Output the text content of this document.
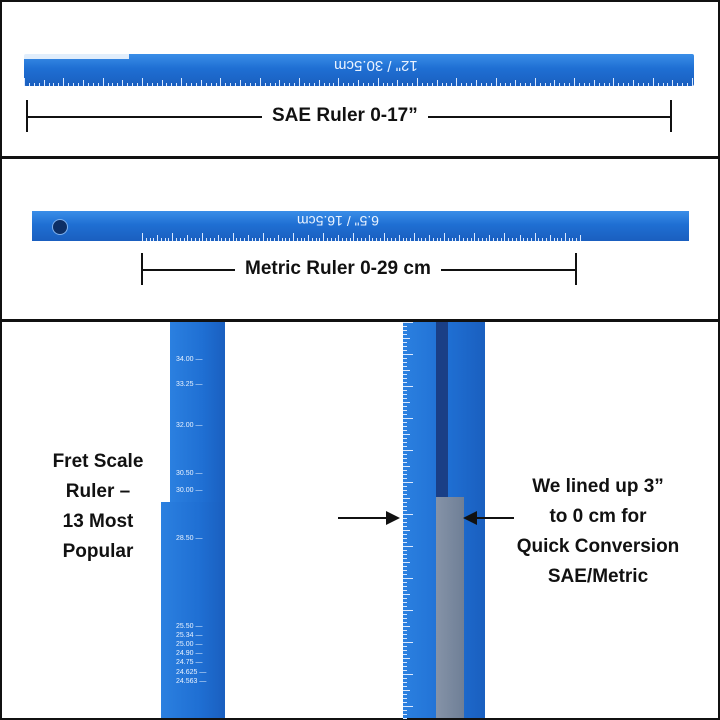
12" / 30.5cm
SAE Ruler 0-17”
6.5" / 16.5cm
Metric Ruler 0-29 cm
Fret Scale
Ruler –
13 Most
Popular
34.00 —
33.25 —
32.00 —
30.50 —
30.00 —
28.50 —
25.50 —
25.34 —
25.00 —
24.90 —
24.75 —
24.625 —
24.563 —
We lined up 3”
to 0 cm for
Quick Conversion
SAE/Metric
